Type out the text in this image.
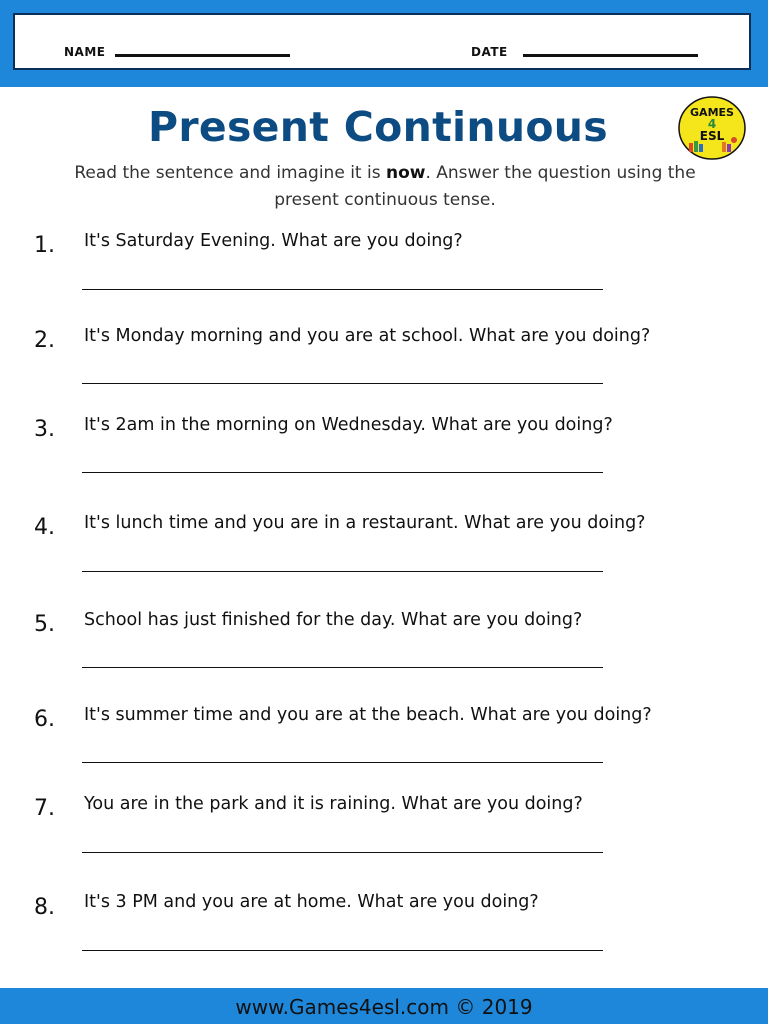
NAME	DATE
Present Continuous	GAMES
4
ESL
Read the sentence and imagine it is now. Answer the question using the present continuous tense.
1. It's Saturday Evening. What are you doing?
2. It's Monday morning and you are at school. What are you doing?
3. It's 2am in the morning on Wednesday. What are you doing?
4. It's lunch time and you are in a restaurant. What are you doing?
5. School has just finished for the day. What are you doing?
6. It's summer time and you are at the beach. What are you doing?
7. You are in the park and it is raining. What are you doing?
8. It's 3 PM and you are at home. What are you doing?
www.Games4esl.com © 2019
